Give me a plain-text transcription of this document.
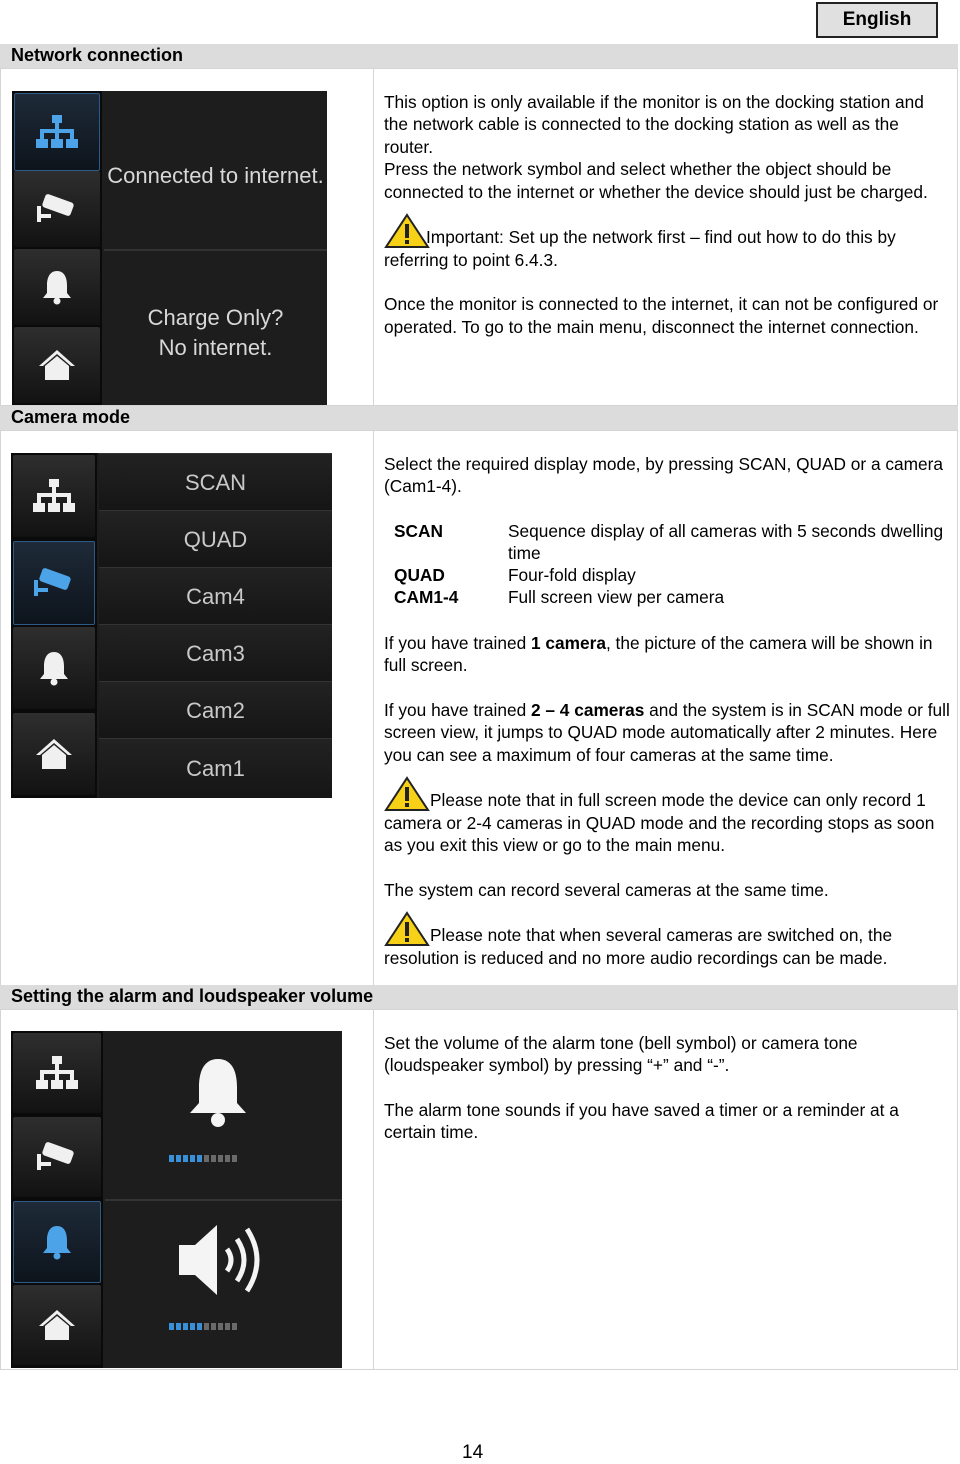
English
Network connection
Connected to internet.
Charge Only?
No internet.

This option is only available if the monitor is on the docking station and the network cable is connected to the docking station as well as the router.

Press the network symbol and select whether the object should be connected to the internet or whether the device should just be charged.

Important: Set up the network first – find out how to do this by referring to point 6.4.3.

Once the monitor is connected to the internet, it can not be configured or operated. To go to the main menu, disconnect the internet connection.

Camera mode
SCAN
QUAD
Cam4
Cam3
Cam2
Cam1

Select the required display mode, by pressing SCAN, QUAD or a camera (Cam1-4).

SCAN	Sequence display of all cameras with 5 seconds dwelling time
QUAD	Four-fold display
CAM1-4	Full screen view per camera

If you have trained 1 camera, the picture of the camera will be shown in full screen.

If you have trained 2 – 4 cameras and the system is in SCAN mode or full screen view, it jumps to QUAD mode automatically after 2 minutes. Here you can see a maximum of four cameras at the same time.

Please note that in full screen mode the device can only record 1 camera or 2-4 cameras in QUAD mode and the recording stops as soon as you exit this view or go to the main menu.

The system can record several cameras at the same time.

Please note that when several cameras are switched on, the resolution is reduced and no more audio recordings can be made.

Setting the alarm and loudspeaker volume

Set the volume of the alarm tone (bell symbol) or camera tone (loudspeaker symbol) by pressing “+” and “-”.

The alarm tone sounds if you have saved a timer or a reminder at a certain time.

14
